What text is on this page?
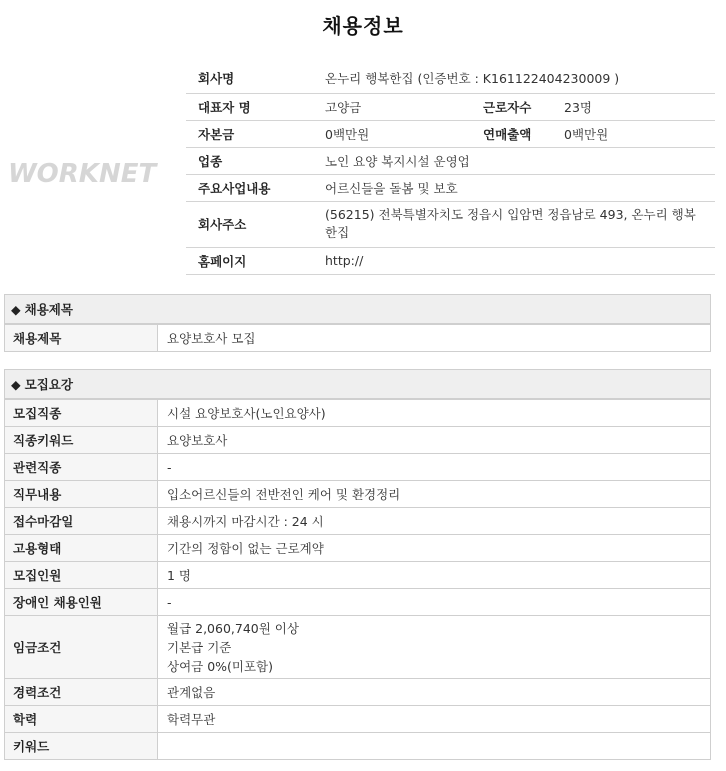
채용정보
WORKNET
회사명	온누리 행복한집 (인증번호 : K161122404230009 )		
대표자 명	고양금	근로자수	23명
자본금	0백만원	연매출액	0백만원
업종	노인 요양 복지시설 운영업		
주요사업내용	어르신들을 돌봄 및 보호		
회사주소	(56215) 전북특별자치도 정읍시 입암면 정읍남로 493, 온누리 행복한집		
홈페이지	http://		
◆ 채용제목
채용제목	요양보호사 모집
◆ 모집요강
모집직종	시설 요양보호사(노인요양사)
직종키워드	요양보호사
관련직종	-
직무내용	입소어르신들의 전반전인 케어 및 환경정리
접수마감일	채용시까지 마감시간 : 24 시
고용형태	기간의 정함이 없는 근로계약
모집인원	1 명
장애인 채용인원	-
임금조건	월급 2,060,740원 이상
기본급 기준
상여금 0%(미포함)

경력조건	관계없음
학력	학력무관
키워드	
